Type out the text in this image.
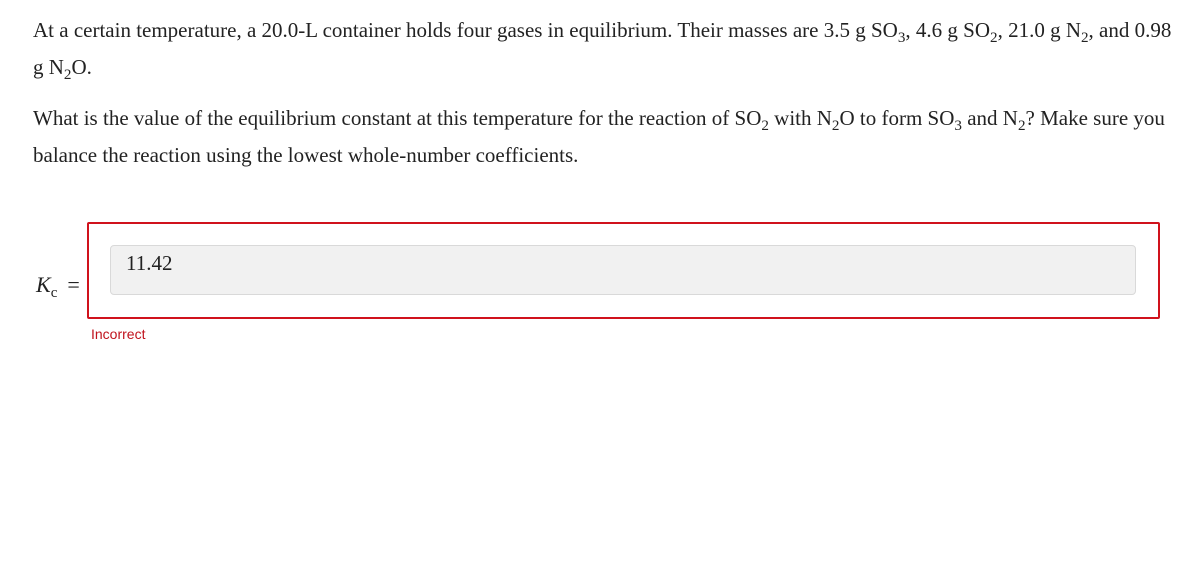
At a certain temperature, a 20.0-L container holds four gases in equilibrium. Their masses are 3.5 g $SO_3$, 4.6 g $SO_2$, 21.0 g $N_2$, and 0.98 g $N_2O$.

What is the value of the equilibrium constant at this temperature for the reaction of $SO_2$ with $N_2O$ to form $SO_3$ and $N_2$? Make sure you balance the reaction using the lowest whole-number coefficients.

$K_c$ =
11.42
Incorrect
